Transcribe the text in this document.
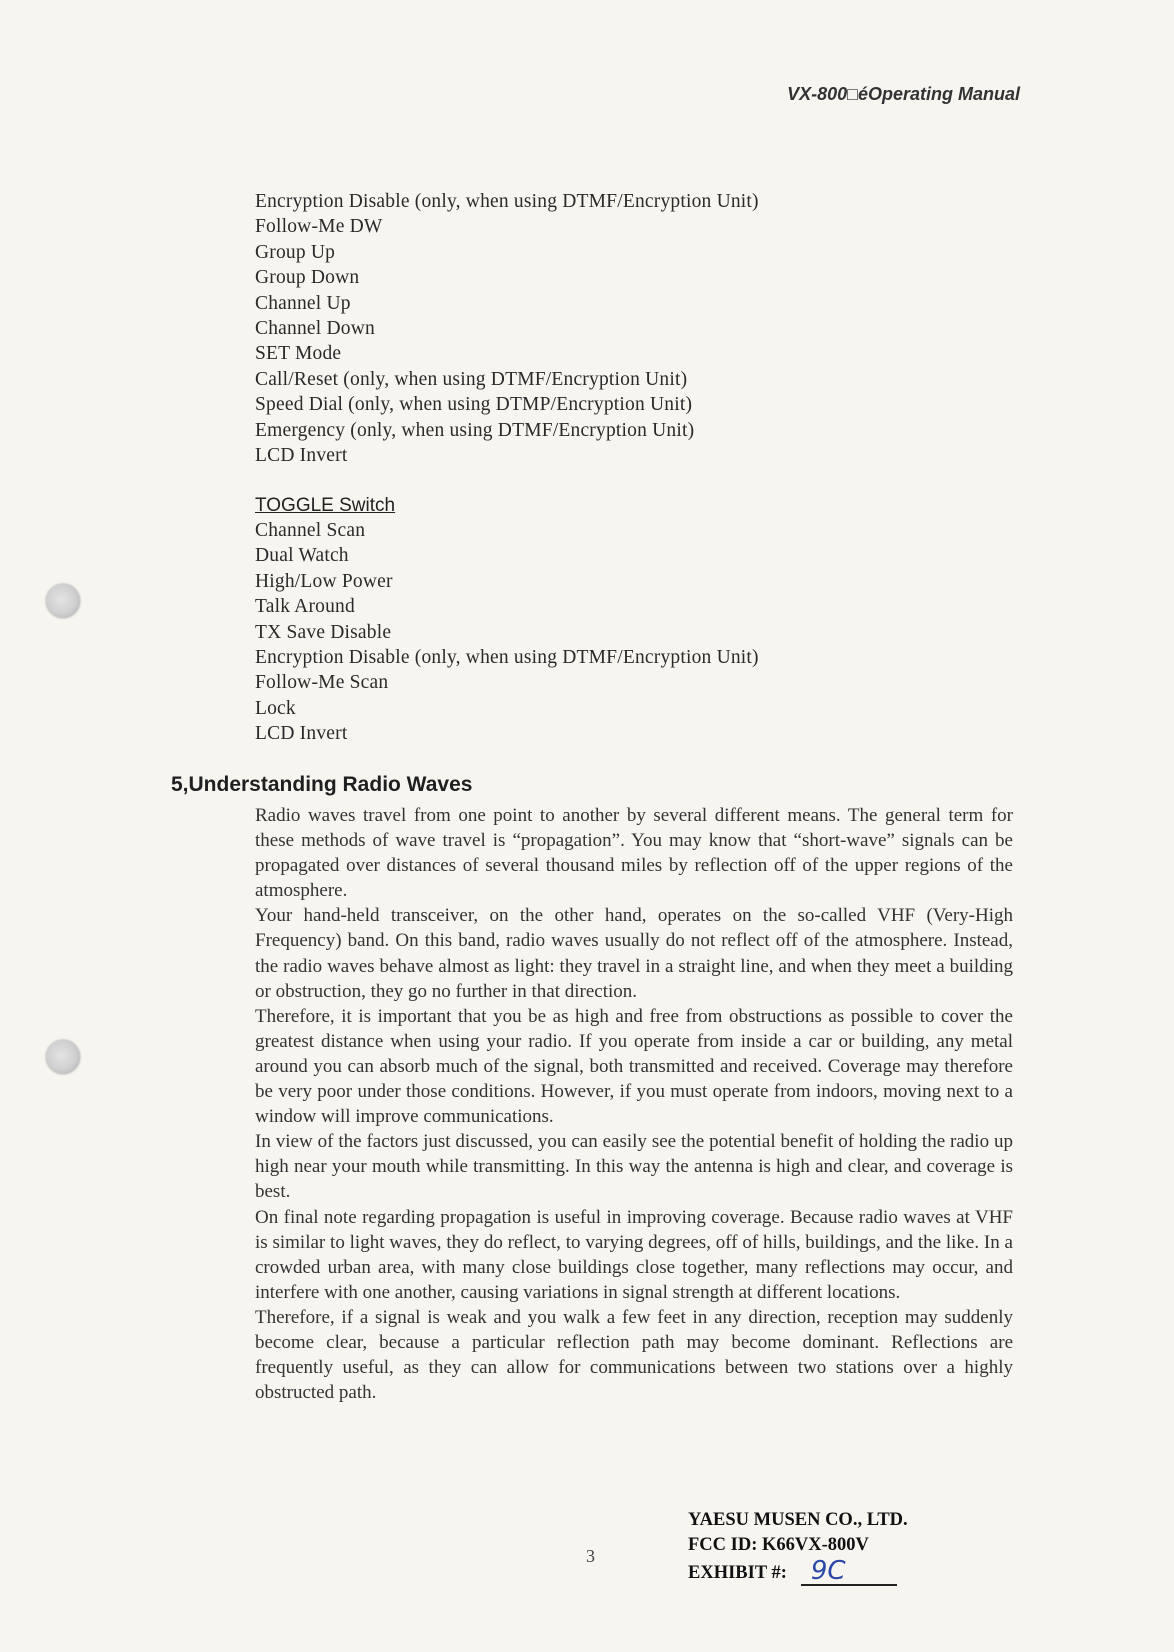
VX-800□éOperating Manual
Encryption Disable (only, when using DTMF/Encryption Unit)
Follow-Me DW
Group Up
Group Down
Channel Up
Channel Down
SET Mode
Call/Reset (only, when using DTMF/Encryption Unit)
Speed Dial (only, when using DTMP/Encryption Unit)
Emergency (only, when using DTMF/Encryption Unit)
LCD Invert
TOGGLE Switch
Channel Scan
Dual Watch
High/Low Power
Talk Around
TX Save Disable
Encryption Disable (only, when using DTMF/Encryption Unit)
Follow-Me Scan
Lock
LCD Invert
5,Understanding Radio Waves

Radio waves travel from one point to another by several different means. The general term for these methods of wave travel is “propagation”. You may know that “short-wave” signals can be propagated over distances of several thousand miles by reflection off of the upper regions of the atmosphere.

Your hand-held transceiver, on the other hand, operates on the so-called VHF (Very-High Frequency) band. On this band, radio waves usually do not reflect off of the atmosphere. Instead, the radio waves behave almost as light: they travel in a straight line, and when they meet a building or obstruction, they go no further in that direction.

Therefore, it is important that you be as high and free from obstructions as possible to cover the greatest distance when using your radio. If you operate from inside a car or building, any metal around you can absorb much of the signal, both transmitted and received. Coverage may therefore be very poor under those conditions. However, if you must operate from indoors, moving next to a window will improve communications.

In view of the factors just discussed, you can easily see the potential benefit of holding the radio up high near your mouth while transmitting. In this way the antenna is high and clear, and coverage is best.

On final note regarding propagation is useful in improving coverage. Because radio waves at VHF is similar to light waves, they do reflect, to varying degrees, off of hills, buildings, and the like. In a crowded urban area, with many close buildings close together, many reflections may occur, and interfere with one another, causing variations in signal strength at different locations.

Therefore, if a signal is weak and you walk a few feet in any direction, reception may suddenly become clear, because a particular reflection path may become dominant. Reflections are frequently useful, as they can allow for communications between two stations over a highly obstructed path.

3
YAESU MUSEN CO., LTD.
FCC ID: K66VX-800V
EXHIBIT #: 9C
